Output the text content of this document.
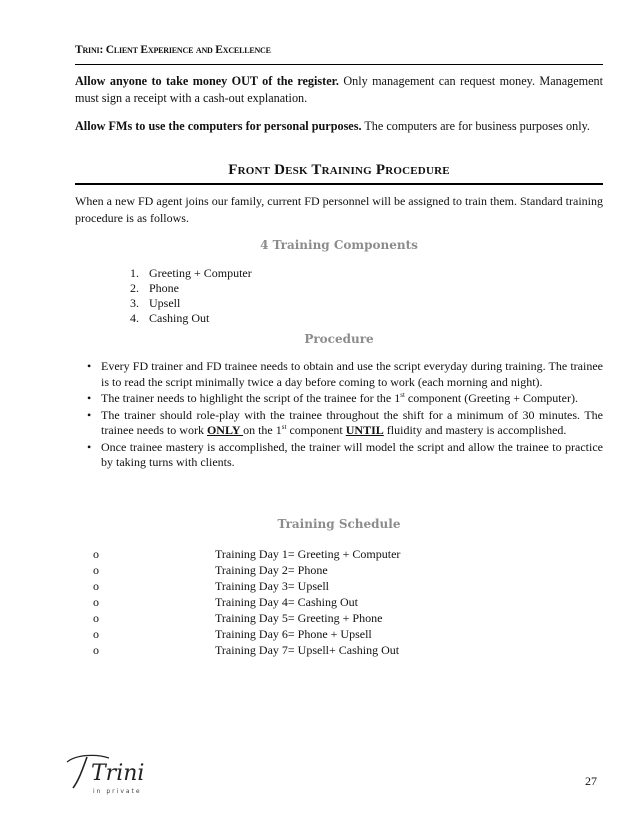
Trini: Client Experience and Excellence
Allow anyone to take money OUT of the register. Only management can request money. Management must sign a receipt with a cash-out explanation.
Allow FMs to use the computers for personal purposes. The computers are for business purposes only.
Front Desk Training Procedure
When a new FD agent joins our family, current FD personnel will be assigned to train them. Standard training procedure is as follows.
4 Training Components
1. Greeting + Computer
2. Phone
3. Upsell
4. Cashing Out
Procedure
• Every FD trainer and FD trainee needs to obtain and use the script everyday during training. The trainee is to read the script minimally twice a day before coming to work (each morning and night).
• The trainer needs to highlight the script of the trainee for the 1st component (Greeting + Computer).
• The trainer should role-play with the trainee throughout the shift for a minimum of 30 minutes. The trainee needs to work ONLY on the 1st component UNTIL fluidity and mastery is accomplished.
• Once trainee mastery is accomplished, the trainer will model the script and allow the trainee to practice by taking turns with clients.
Training Schedule
o	Training Day 1= Greeting + Computer
o	Training Day 2= Phone
o	Training Day 3= Upsell
o	Training Day 4= Cashing Out
o	Training Day 5= Greeting + Phone
o	Training Day 6= Phone + Upsell
o	Training Day 7= Upsell+ Cashing Out
Trini
in private
27
